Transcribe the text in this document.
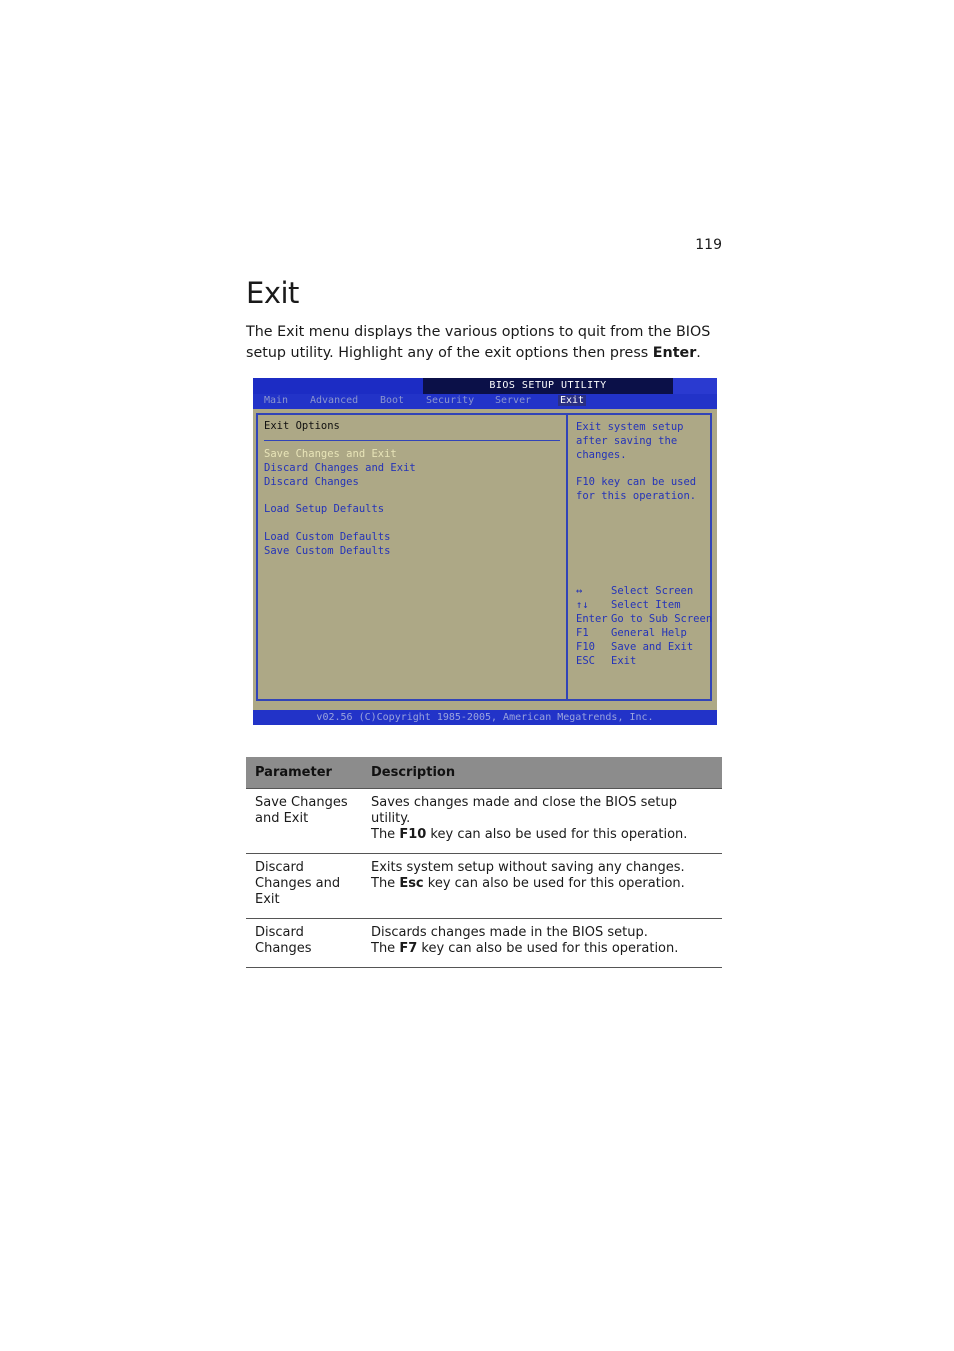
119
Exit

The Exit menu displays the various options to quit from the BIOS setup utility. Highlight any of the exit options then press Enter.

BIOS SETUP UTILITY
Main Advanced Boot Security Server	Exit
Exit Options
Save Changes and Exit
Discard Changes and Exit
Discard Changes
Load Setup Defaults
Load Custom Defaults
Save Custom Defaults
Exit system setup
after saving the
changes.
F10 key can be used
for this operation.
↔	Select Screen
↑↓ Select Item
Enter Go to Sub Screen
F1 General Help
F10 Save and Exit
ESC Exit
v02.56 (C)Copyright 1985-2005, American Megatrends, Inc.
Parameter	Description
Save Changes
and Exit	Saves changes made and close the BIOS setup utility.
The F10 key can also be used for this operation.
Discard
Changes and
Exit	Exits system setup without saving any changes.
The Esc key can also be used for this operation.
Discard
Changes	Discards changes made in the BIOS setup.
The F7 key can also be used for this operation.
